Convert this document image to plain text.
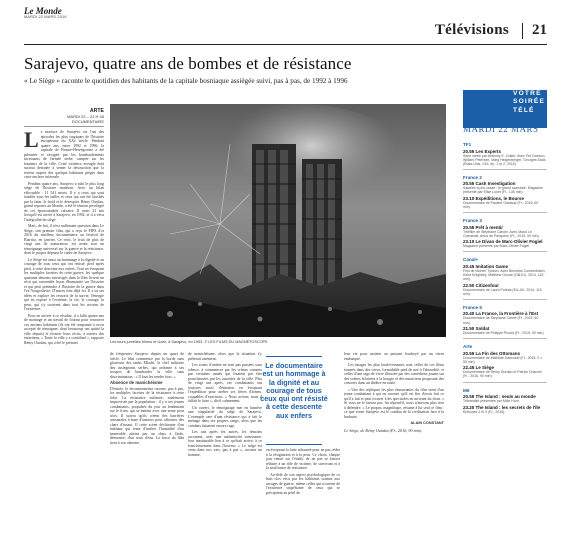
Le Monde
MARDI 22 MARS 2016
Télévisions 21
Sarajevo, quatre ans de bombes et de résistance
« Le Siège » raconte le quotidien des habitants de la capitale bosniaque assiégée suivi, pas à pas, de 1992 à 1996
ARTE
MARDI 22 – 22 H 45
DOCUMENTAIRE
L e martyre de Sarajevo est l'un des épisodes les plus tragiques de l'histoire européenne du XXe siècle. Pendant quatre ans, entre 1992 et 1996, la capitale de Bosnie-Herzégovine a été pilonnée et ravagée par les bombardements incessants de l'armée serbe, campée sur les hauteurs de la ville. Cette violence aveugle était surtout destinée à semer la destruction que la terreur auprès des quelque habitants piégés dans cette enclave infernale.

Pendant quatre ans, Sarajevo a subi le plus long siège de l'histoire moderne. Avec un bilan effroyable : 11 541 morts. Il y a ceux qui sont tombés sous les balles et ceux qui ont été fauchés par la faim, le froid et le désespoir. Rémy Ourdan, grand reporter au Monde, a été le témoin privilégié de cet épouvantable calvaire. Il avait 23 ans lorsqu'il est arrivé à Sarajevo, en 1992, et il a vécu l'intégralité du siège.

Mais, de fait, il n'est nullement question dans Le Siège, son premier film, qui a reçu le FIPA d'or 2016 du meilleur documentaire au festival de Biarritz, en janvier. Ce récit, le fruit de plus de vingt ans de maturation, est avant tout un témoignage universel sur la guerre et la résistance, dont le propos dépasse le cadre de Sarajevo.

Le Siège est aussi un hommage à la dignité et au courage de tous ceux qui ont résisté, pied après pied, à cette descente aux enfers. Tout en évoquant les multiples facettes de cette guerre, les quelque quarante témoins interrogés dans le film livrent un récit qui rassemble leçon d'humanité sur l'histoire et qui peut prétendre à l'histoire de la guerre dans l'ex-Yougoslavie. D'autres font déjà foi. Il a su ses idées et explore les ressorts de la survie, l'énergie qui en exposé à l'extrême, la vie, le courage, la peur, qui s'y trouvent dans tout les recoins de l'existence.

Pour en arriver à ce résultat, il a fallu quatre ans de montage et un travail de fourmi pour retrouver ces anciens habitants (ils ont été cinquante à avoir accepté de témoigner, dont beaucoup ont quitté la ville depuis) et écouter leurs récits, à travers des entretiens, « Toute la ville y a contribué », rapporte Rémy Ourdan, qui a été le premier	Les tours jumelles Momo et Uzeir, à Sarajevo, en 1993. © LES FILMS DU MAGNÉTOSCOPE

de fréquenter Sarajevo depuis un quart de siècle. Le film commence par la horde sans glorieuse des tanks Mladić, le chef militaire des assiégeants serbes, qui ordonne à ses troupes de bombarder la ville sans discrimination : « Il faut les rendre fous. »

Absence de manichéisme

D'entrée, le documentariste raconte, pas à pas, les multiples facettes de la résistance à cette folie. La résistance militaire, totalement improvisée par la population : il y a ces jeunes combattants, propulsés du jour au lendemain sur le front, qui se battent avec une arme pour trois. Il suivra qu'ils créent des barrières artisanales à base d'armoirs pour affronter des chars d'assaut. Il cette scène déchirante d'un habitant qui tente d'insérer l'humidité d'un immeuble atteint par un obus à l'aide, démontre, d'un sous d'eau. La force du film tient à son absence

de manichéisme, alors que la situation s'y prêterait aisément.

Les zones d'ombre ne sont pas passées sous silence, à commencer par les crimes commis par certaines unités qui fixaient par être pourchassées par les autorités de la ville. Plus de vingt ans après, ces combattants ont toujours aussi d'émotion en évoquant l'expédition pour arrêter ses frères d'armes, coupables d'exactions. « Nous avions, mais il fallait le faire », dit-il calmement.

Un ouvert, le témoignage met en lumière une singularité du siège de Sarajevo. L'exemple rare d'une résistance qui a fait le ménage dans ses propres rangs, alors que les combats faisaient encore rage.

Les uns après les autres, les témoins racontent, avec une authenticité saisissante, leur inestimable lien à ce qu'était arrivé, à ce franchissement dans l'horreur. « Le siège est venu dans nos vies, pas à pas », raconte un homme,

Le documentaire est un hommage à la dignité et au courage de tous ceux qui ont résisté à cette descente aux enfers

en évoquant la lutte acharnée pour ne pas céder à la résignation et à la peur. Ce choix, chaque jour remet sur l'établi, de ne pas se laisser réduire à un rôle de victime, de survivant et à la souffrance de résistance.

Au-delà de son aspect psychologique de ce huis clos vécu par les habitants soumis aux ravages de guerre, même celles qui trouvent de l'existence stupéfiante de ceux qui se précipitent au péril de

leur vie pour assister au passant foudroyé par un tireur embusqué.

Les images les plus bouleversantes sont celles de ces films tournés dans des caves, formidable pied de nez à l'absurdité, et celles d'une rage de vivre illustrée par des comédiens jouant sur des scènes éclairées à la bougie et des musiciens proposant des concerts dans un théâtre en ruine.

« Une des répliques les plus émouvantes du film vient d'un jeune combattant à qui on raconte qu'il est fier d'avoir fait ce qu'il a fait et peut trouver à les spectacles en arrivant du front. « Si vous ne le faisiez pas, lui répond-il, nous n'aurions plus rien à défendre. » Le propos, magnifique, résume à lui seul ce film : ce que vivait Sarajevo est le combat de la civilisation face à la barbarie.

ALAIN CONSTANT
Le Siège, de Rémy Ourdan (Fr., 2016, 90 min).
VOTRE
SOIRÉE
TÉLÉ
MARDI 22 MARS
TF1
20.55 Les Experts
Série créée par Anthony E. Zuiker. Avec Ted Danson, William Petersen, Marg Helgenberger, Georges Eads (États-Unis, S16, ép. 1 et 2, 2015).
France 2
20.55 Cash Investigation
Salariés à prix cassé : le grand scandale. Magazine présenté par Élise Lucet (Fr., 135 min).
23.10 Expéditions, le Bourse
Documentaire de Pauline Gastaud (Fr., 2016, 60 min).
France 3
20.55 Prêt à mentir
Téléfilm de Stéphane Clavier. Avec Maud Le Guenedal, Artus de Penguern (Fr., 2015, 90 min).
23.10 Le Divan de Marc-Olivier Fogiel
Magazine présenté par Marc-Olivier Fogiel.
Canal+
20.45 Imitation Game
Film de Morten Tyldum. Avec Benedict Cumberbatch, Keira Knightley, Matthew Goode (GB-EU, 2014, 115 min).
22.50 Citizenfour
Documentaire de Laura Poitras (EU-All., 2014, 115 min).
France 5
20.40 La France, la Frontière à l'Est
Documentaire de Stéphane Calvet (Fr., 2015, 60 min).
21.50 Soldat
Documentaire de Philippe Picard (Fr., 2015, 90 min).
Arte
20.55 La Fin des Ottomans
Documentaire de Mathilde Damoisel (Fr., 2015, 2 × 55 min).
22.45 Le Siège
Documentaire de Rémy Ourdan et Patrick Chauvel (Fr., 2016, 90 min).
M6
20.55 The Island : seuls au monde
Téléréalité présentée par Mike Horn.
23.20 The Island : les secrets de l'île
Épisodes 2 et 3 (Fr., 2016).
